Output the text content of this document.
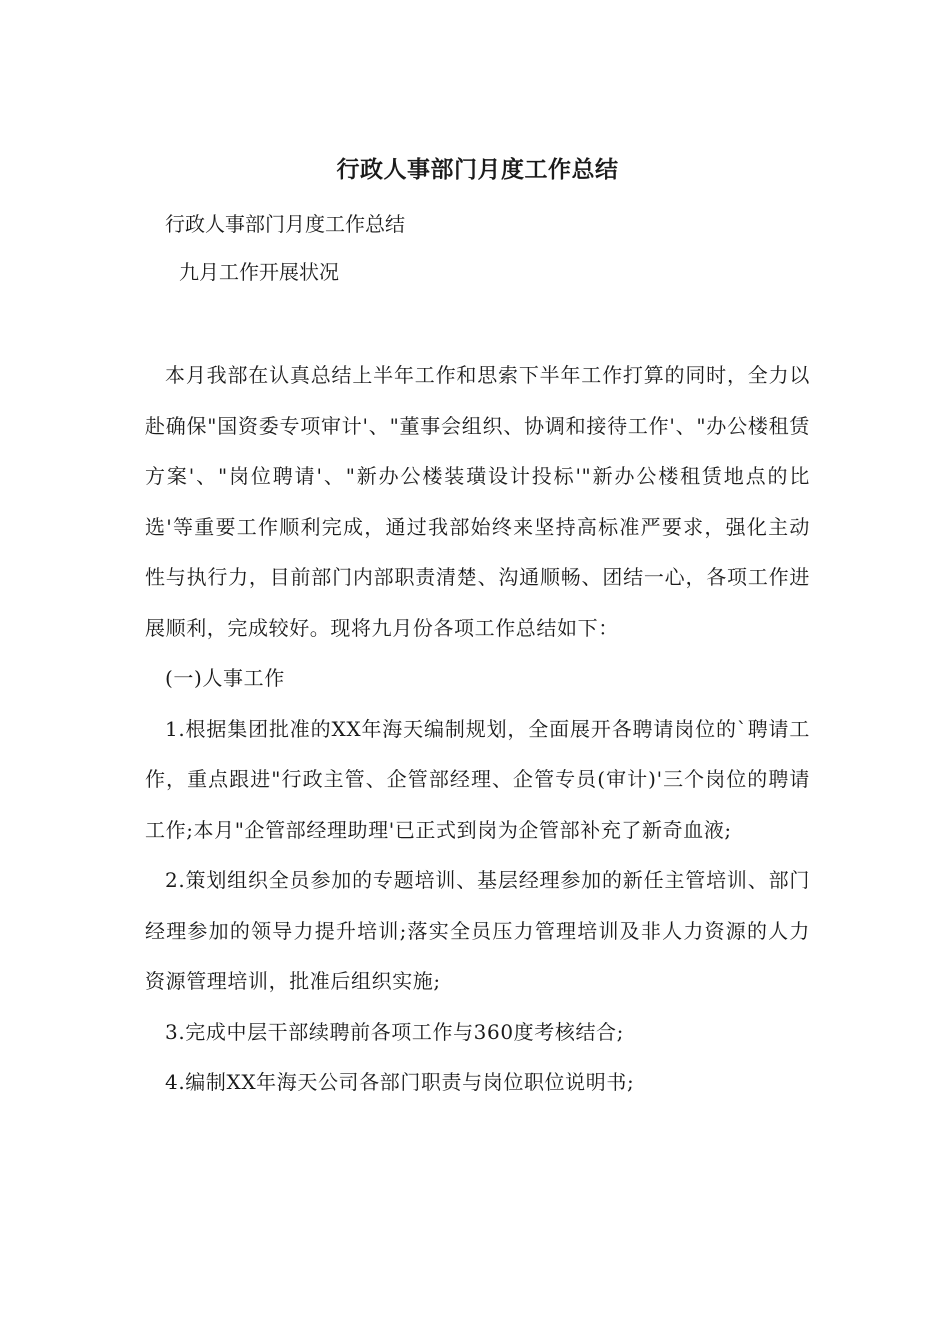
行政人事部门月度工作总结
行政人事部门月度工作总结
九月工作开展状况

本月我部在认真总结上半年工作和思索下半年工作打算的同时，全力以赴确保"国资委专项审计'、"董事会组织、协调和接待工作'、"办公楼租赁方案'、"岗位聘请'、"新办公楼装璜设计投标'"新办公楼租赁地点的比选'等重要工作顺利完成，通过我部始终来坚持高标准严要求，强化主动性与执行力，目前部门内部职责清楚、沟通顺畅、团结一心，各项工作进展顺利，完成较好。现将九月份各项工作总结如下：

(一)人事工作

1.根据集团批准的XX年海天编制规划，全面展开各聘请岗位的`聘请工作，重点跟进"行政主管、企管部经理、企管专员(审计)'三个岗位的聘请工作;本月"企管部经理助理'已正式到岗为企管部补充了新奇血液;

2.策划组织全员参加的专题培训、基层经理参加的新任主管培训、部门经理参加的领导力提升培训;落实全员压力管理培训及非人力资源的人力资源管理培训，批准后组织实施;

3.完成中层干部续聘前各项工作与360度考核结合;

4.编制XX年海天公司各部门职责与岗位职位说明书;
